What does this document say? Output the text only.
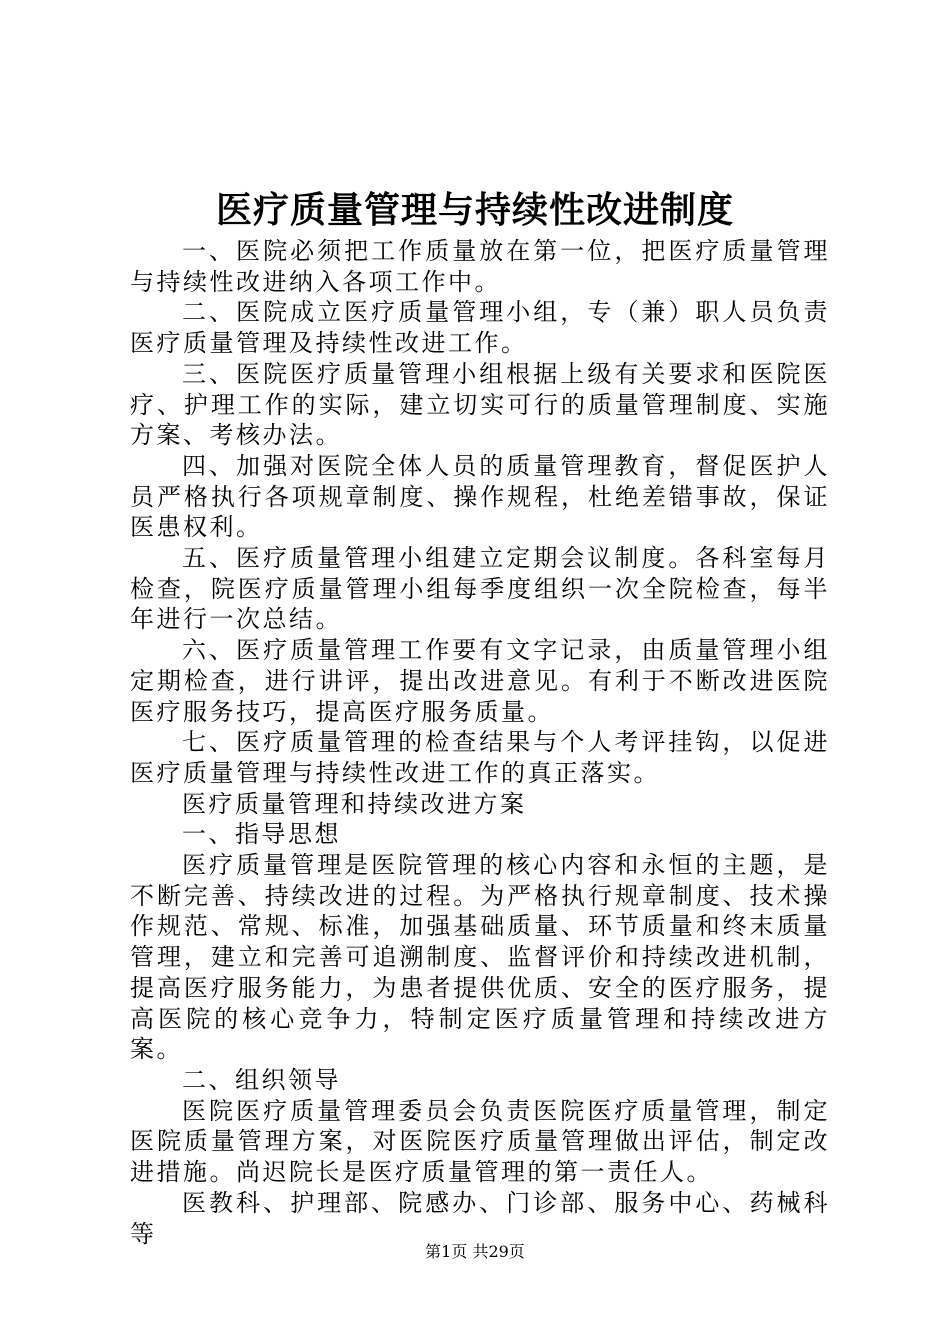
医疗质量管理与持续性改进制度

一、医院必须把工作质量放在第一位，把医疗质量管理与持续性改进纳入各项工作中。

二、医院成立医疗质量管理小组，专（兼）职人员负责医疗质量管理及持续性改进工作。

三、医院医疗质量管理小组根据上级有关要求和医院医疗、护理工作的实际，建立切实可行的质量管理制度、实施方案、考核办法。

四、加强对医院全体人员的质量管理教育，督促医护人员严格执行各项规章制度、操作规程，杜绝差错事故，保证医患权利。

五、医疗质量管理小组建立定期会议制度。各科室每月检查，院医疗质量管理小组每季度组织一次全院检查，每半年进行一次总结。

六、医疗质量管理工作要有文字记录，由质量管理小组定期检查，进行讲评，提出改进意见。有利于不断改进医院医疗服务技巧，提高医疗服务质量。

七、医疗质量管理的检查结果与个人考评挂钩，以促进医疗质量管理与持续性改进工作的真正落实。

医疗质量管理和持续改进方案

一、指导思想

医疗质量管理是医院管理的核心内容和永恒的主题，是不断完善、持续改进的过程。为严格执行规章制度、技术操作规范、常规、标准，加强基础质量、环节质量和终末质量管理，建立和完善可追溯制度、监督评价和持续改进机制，提高医疗服务能力，为患者提供优质、安全的医疗服务，提高医院的核心竞争力，特制定医疗质量管理和持续改进方案。

二、组织领导

医院医疗质量管理委员会负责医院医疗质量管理，制定医院质量管理方案，对医院医疗质量管理做出评估，制定改进措施。尚迟院长是医疗质量管理的第一责任人。

医教科、护理部、院感办、门诊部、服务中心、药械科等

第1页 共29页
